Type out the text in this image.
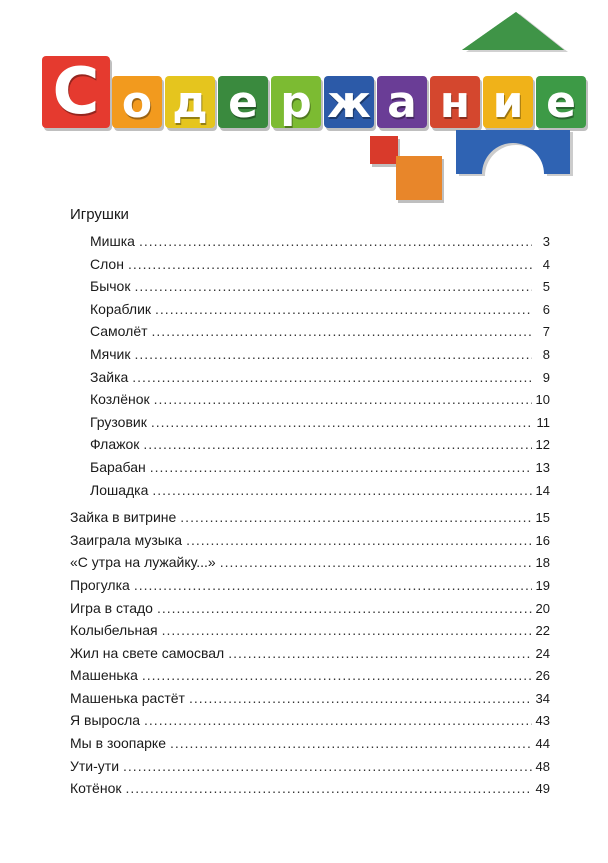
С о д е р ж а н и е
Игрушки
Мишка .....	3
Слон .....	4
Бычок .....	5
Кораблик .....	6
Самолёт .....	7
Мячик .....	8
Зайка .....	9
Козлёнок .....	10
Грузовик .....	11
Флажок .....	12
Барабан .....	13
Лошадка .....	14
Зайка в витрине .....	15
Заиграла музыка .....	16
«С утра на лужайку...» .....	18
Прогулка .....	19
Игра в стадо .....	20
Колыбельная .....	22
Жил на свете самосвал .....	24
Машенька .....	26
Машенька растёт .....	34
Я выросла .....	43
Мы в зоопарке .....	44
Ути-ути .....	48
Котёнок .....	49
